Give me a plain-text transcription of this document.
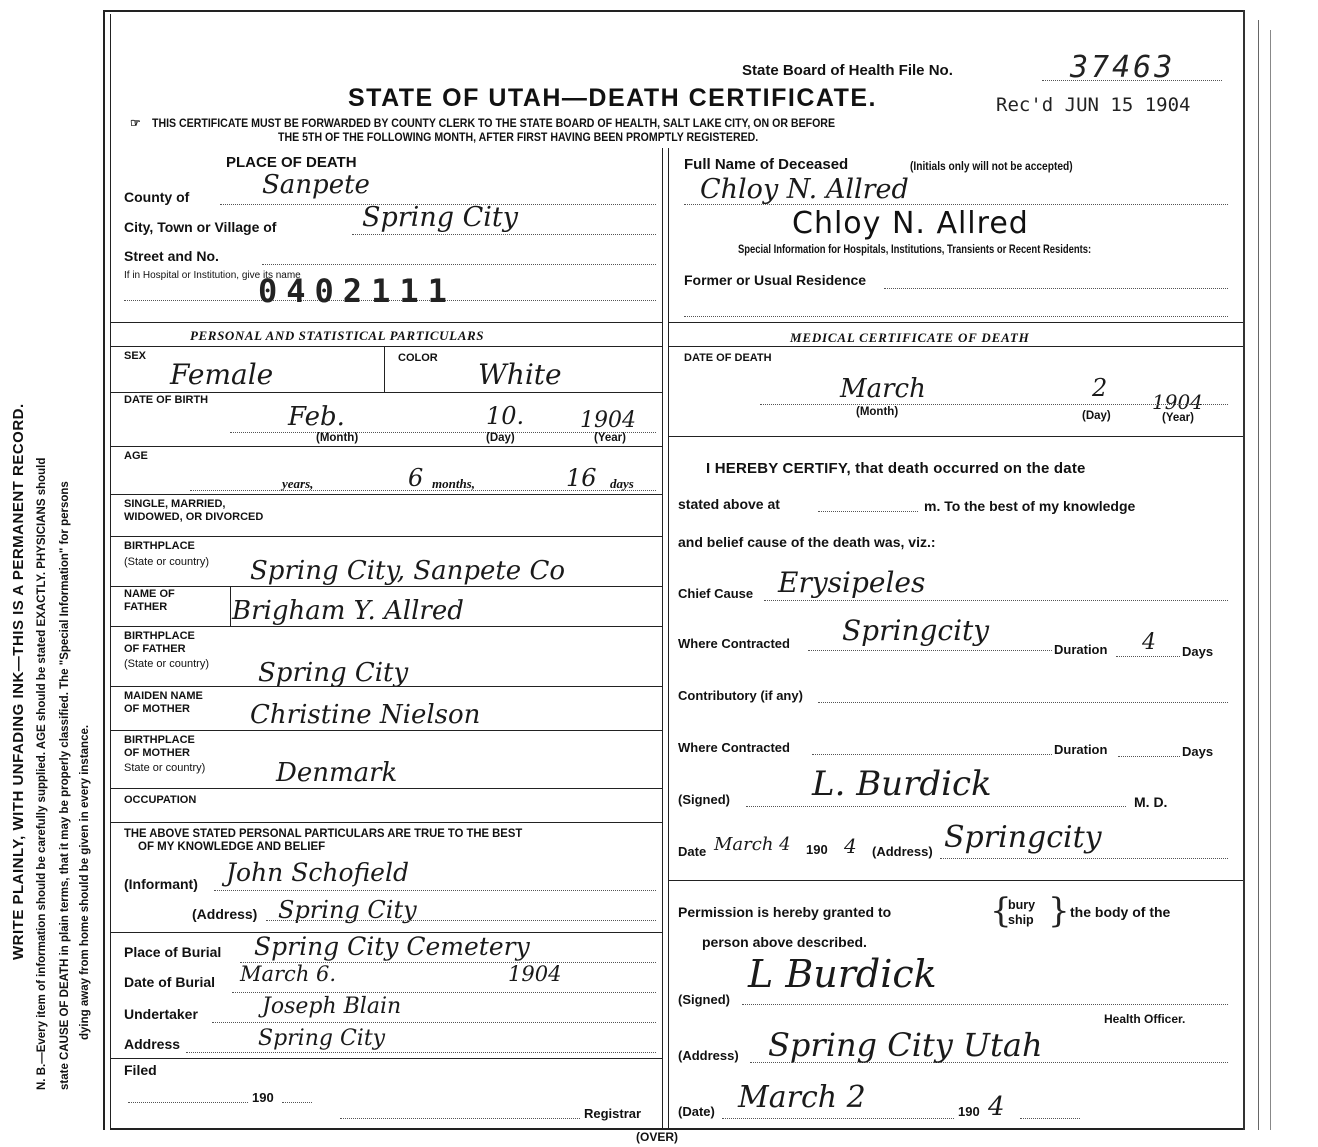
WRITE PLAINLY, WITH UNFADING INK—THIS IS A PERMANENT RECORD. N. B.—Every item of information should be carefully supplied. AGE should be stated EXACTLY. PHYSICIANS should state CAUSE OF DEATH in plain terms, that it may be properly classified. The "Special Information" for persons dying away from home should be given in every instance.
State Board of Health File No.	37463
STATE OF UTAH—DEATH CERTIFICATE.	Rec'd JUN 15 1904
☞ THIS CERTIFICATE MUST BE FORWARDED BY COUNTY CLERK TO THE STATE BOARD OF HEALTH, SALT LAKE CITY, ON OR BEFORE
THE 5TH OF THE FOLLOWING MONTH, AFTER FIRST HAVING BEEN PROMPTLY REGISTERED.
PLACE OF DEATH
County of	Sanpete
City, Town or Village of	Spring City
Street and No.
If in Hospital or Institution, give its name
0402111
Full Name of Deceased	(Initials only will not be accepted)
Chloy N. Allred
Chloy N. Allred
Special Information for Hospitals, Institutions, Transients or Recent Residents:
Former or Usual Residence
PERSONAL AND STATISTICAL PARTICULARS
SEX
Female	COLOR White
DATE OF BIRTH
Feb.	10.	1904
(Month)	(Day)	(Year)
AGE
years,	6 months,	16 days
SINGLE, MARRIED,
WIDOWED, OR DIVORCED
BIRTHPLACE
(State or country) Spring City, Sanpete Co
NAME OF
FATHER Brigham Y. Allred
BIRTHPLACE
OF FATHER
(State or country) Spring City
MAIDEN NAME
OF MOTHER Christine Nielson
BIRTHPLACE
OF MOTHER
State or country)	Denmark
OCCUPATION
THE ABOVE STATED PERSONAL PARTICULARS ARE TRUE TO THE BEST
OF MY KNOWLEDGE AND BELIEF
(Informant) John Schofield
(Address) Spring City
Place of Burial Spring City Cemetery
Date of Burial March 6.	1904
Undertaker	Joseph Blain
Address	Spring City
Filed
190
Registrar
MEDICAL CERTIFICATE OF DEATH
DATE OF DEATH
March	2 1904
(Month)	(Day)	(Year)
I HEREBY CERTIFY, that death occurred on the date
stated above at	m. To the best of my knowledge
and belief cause of the death was, viz.:
Chief Cause Erysipeles
Where Contracted Springcity
Duration 4 Days
Contributory (if any)
Where Contracted	Duration	Days
(Signed) L. Burdick	M. D.
Date March 4 190 4 (Address) Springcity
Permission is hereby granted to	{
bury
ship } the body of the
person above described.
(Signed)
L Burdick
Health Officer.
(Address) Spring City Utah
(Date) March 2	190 4
(OVER)
